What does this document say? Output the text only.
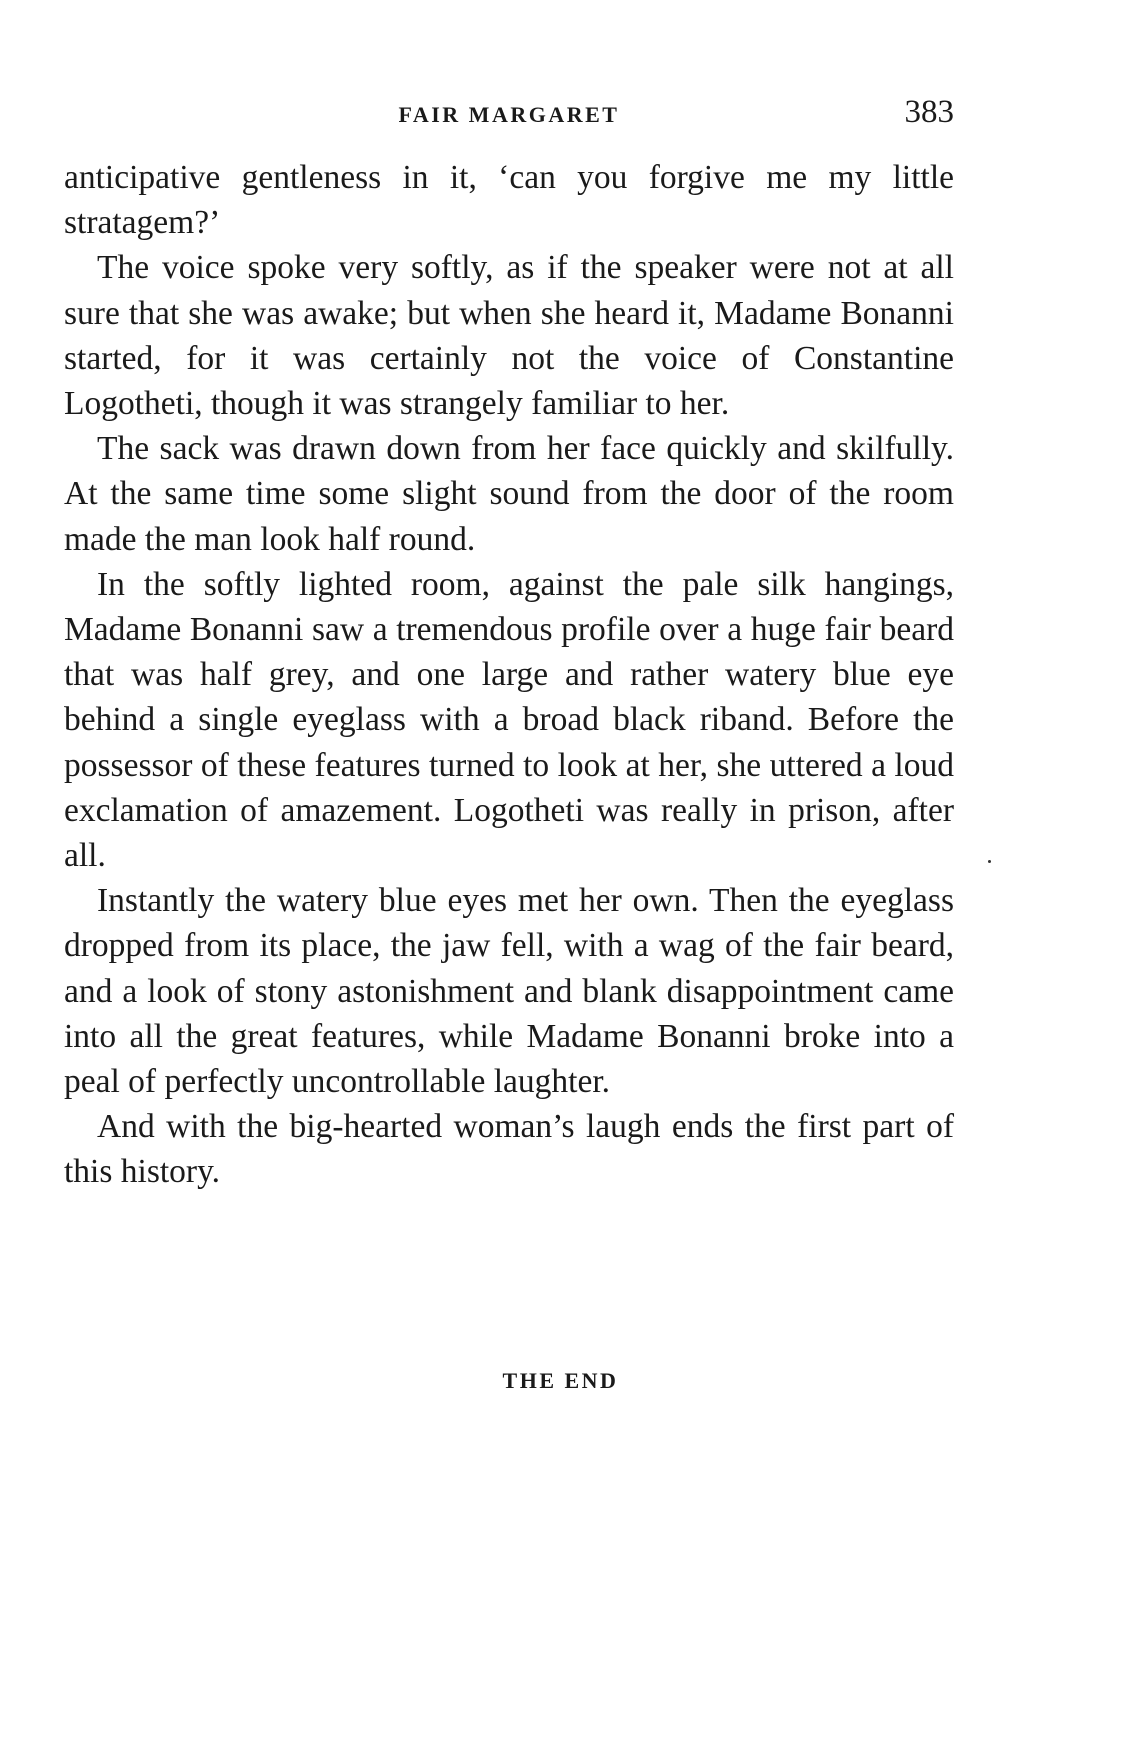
FAIR MARGARET	383

anticipative gentleness in it, ‘can you forgive me my little stratagem?’

The voice spoke very softly, as if the speaker were not at all sure that she was awake; but when she heard it, Madame Bonanni started, for it was certainly not the voice of Constantine Logotheti, though it was strangely familiar to her.

The sack was drawn down from her face quickly and skilfully. At the same time some slight sound from the door of the room made the man look half round.

In the softly lighted room, against the pale silk hangings, Madame Bonanni saw a tremendous profile over a huge fair beard that was half grey, and one large and rather watery blue eye behind a single eyeglass with a broad black riband. Before the possessor of these features turned to look at her, she uttered a loud exclamation of amazement. Logotheti was really in prison, after all.

Instantly the watery blue eyes met her own. Then the eyeglass dropped from its place, the jaw fell, with a wag of the fair beard, and a look of stony astonishment and blank disappointment came into all the great features, while Madame Bonanni broke into a peal of perfectly uncontrollable laughter.

And with the big-hearted woman’s laugh ends the first part of this history.

THE END
